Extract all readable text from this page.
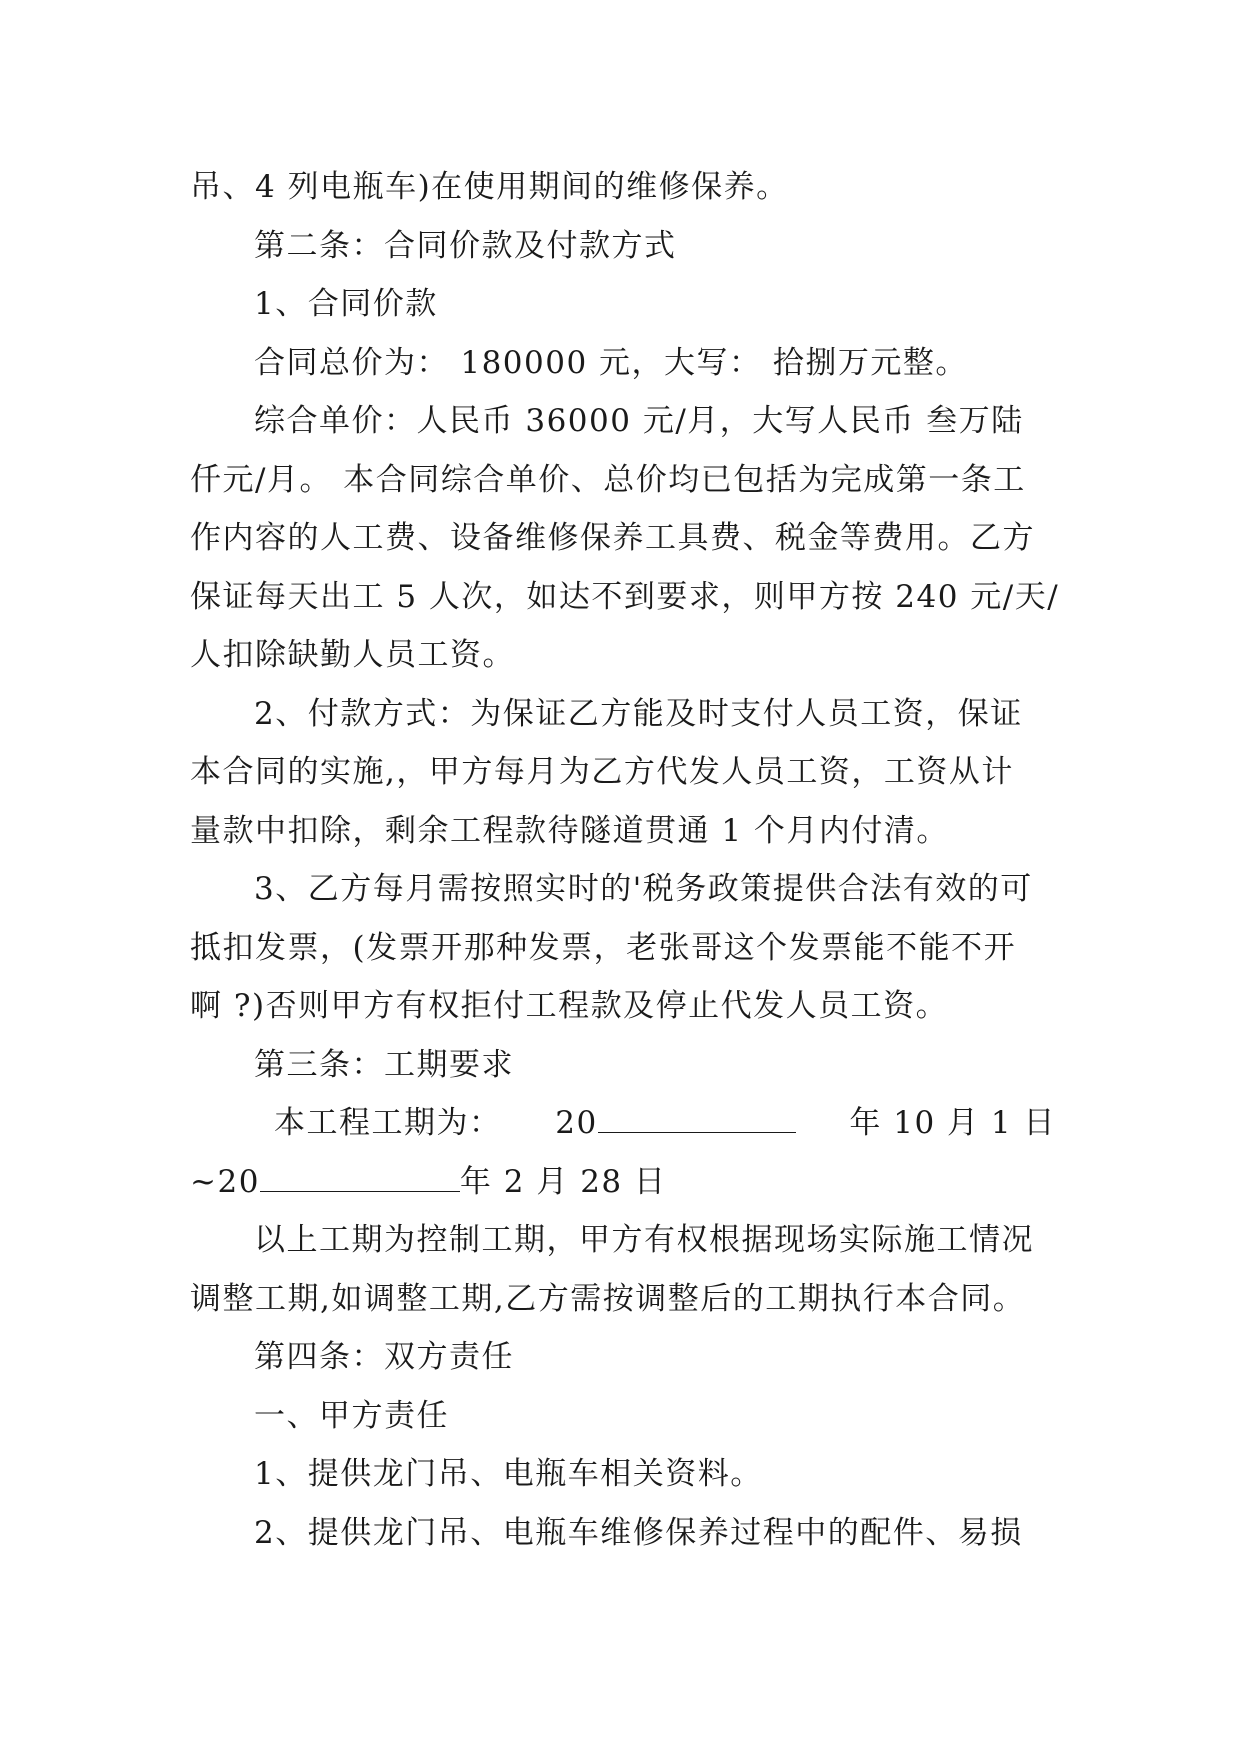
吊、4 列电瓶车)在使用期间的维修保养。
第二条：合同价款及付款方式
1、合同价款
合同总价为： 180000 元，大写： 拾捌万元整。
综合单价：人民币 36000 元/月，大写人民币 叁万陆
仟元/月。 本合同综合单价、总价均已包括为完成第一条工
作内容的人工费、设备维修保养工具费、税金等费用。乙方
保证每天出工 5 人次，如达不到要求，则甲方按 240 元/天/
人扣除缺勤人员工资。
2、付款方式：为保证乙方能及时支付人员工资，保证
本合同的实施,，甲方每月为乙方代发人员工资，工资从计
量款中扣除，剩余工程款待隧道贯通 1 个月内付清。
3、乙方每月需按照实时的'税务政策提供合法有效的可
抵扣发票，(发票开那种发票，老张哥这个发票能不能不开
啊 ?)否则甲方有权拒付工程款及停止代发人员工资。
第三条：工期要求
本工程工期为： 20	年 10 月 1 日
~20	年 2 月 28 日
以上工期为控制工期，甲方有权根据现场实际施工情况
调整工期,如调整工期,乙方需按调整后的工期执行本合同。
第四条：双方责任
一、甲方责任
1、提供龙门吊、电瓶车相关资料。
2、提供龙门吊、电瓶车维修保养过程中的配件、易损
